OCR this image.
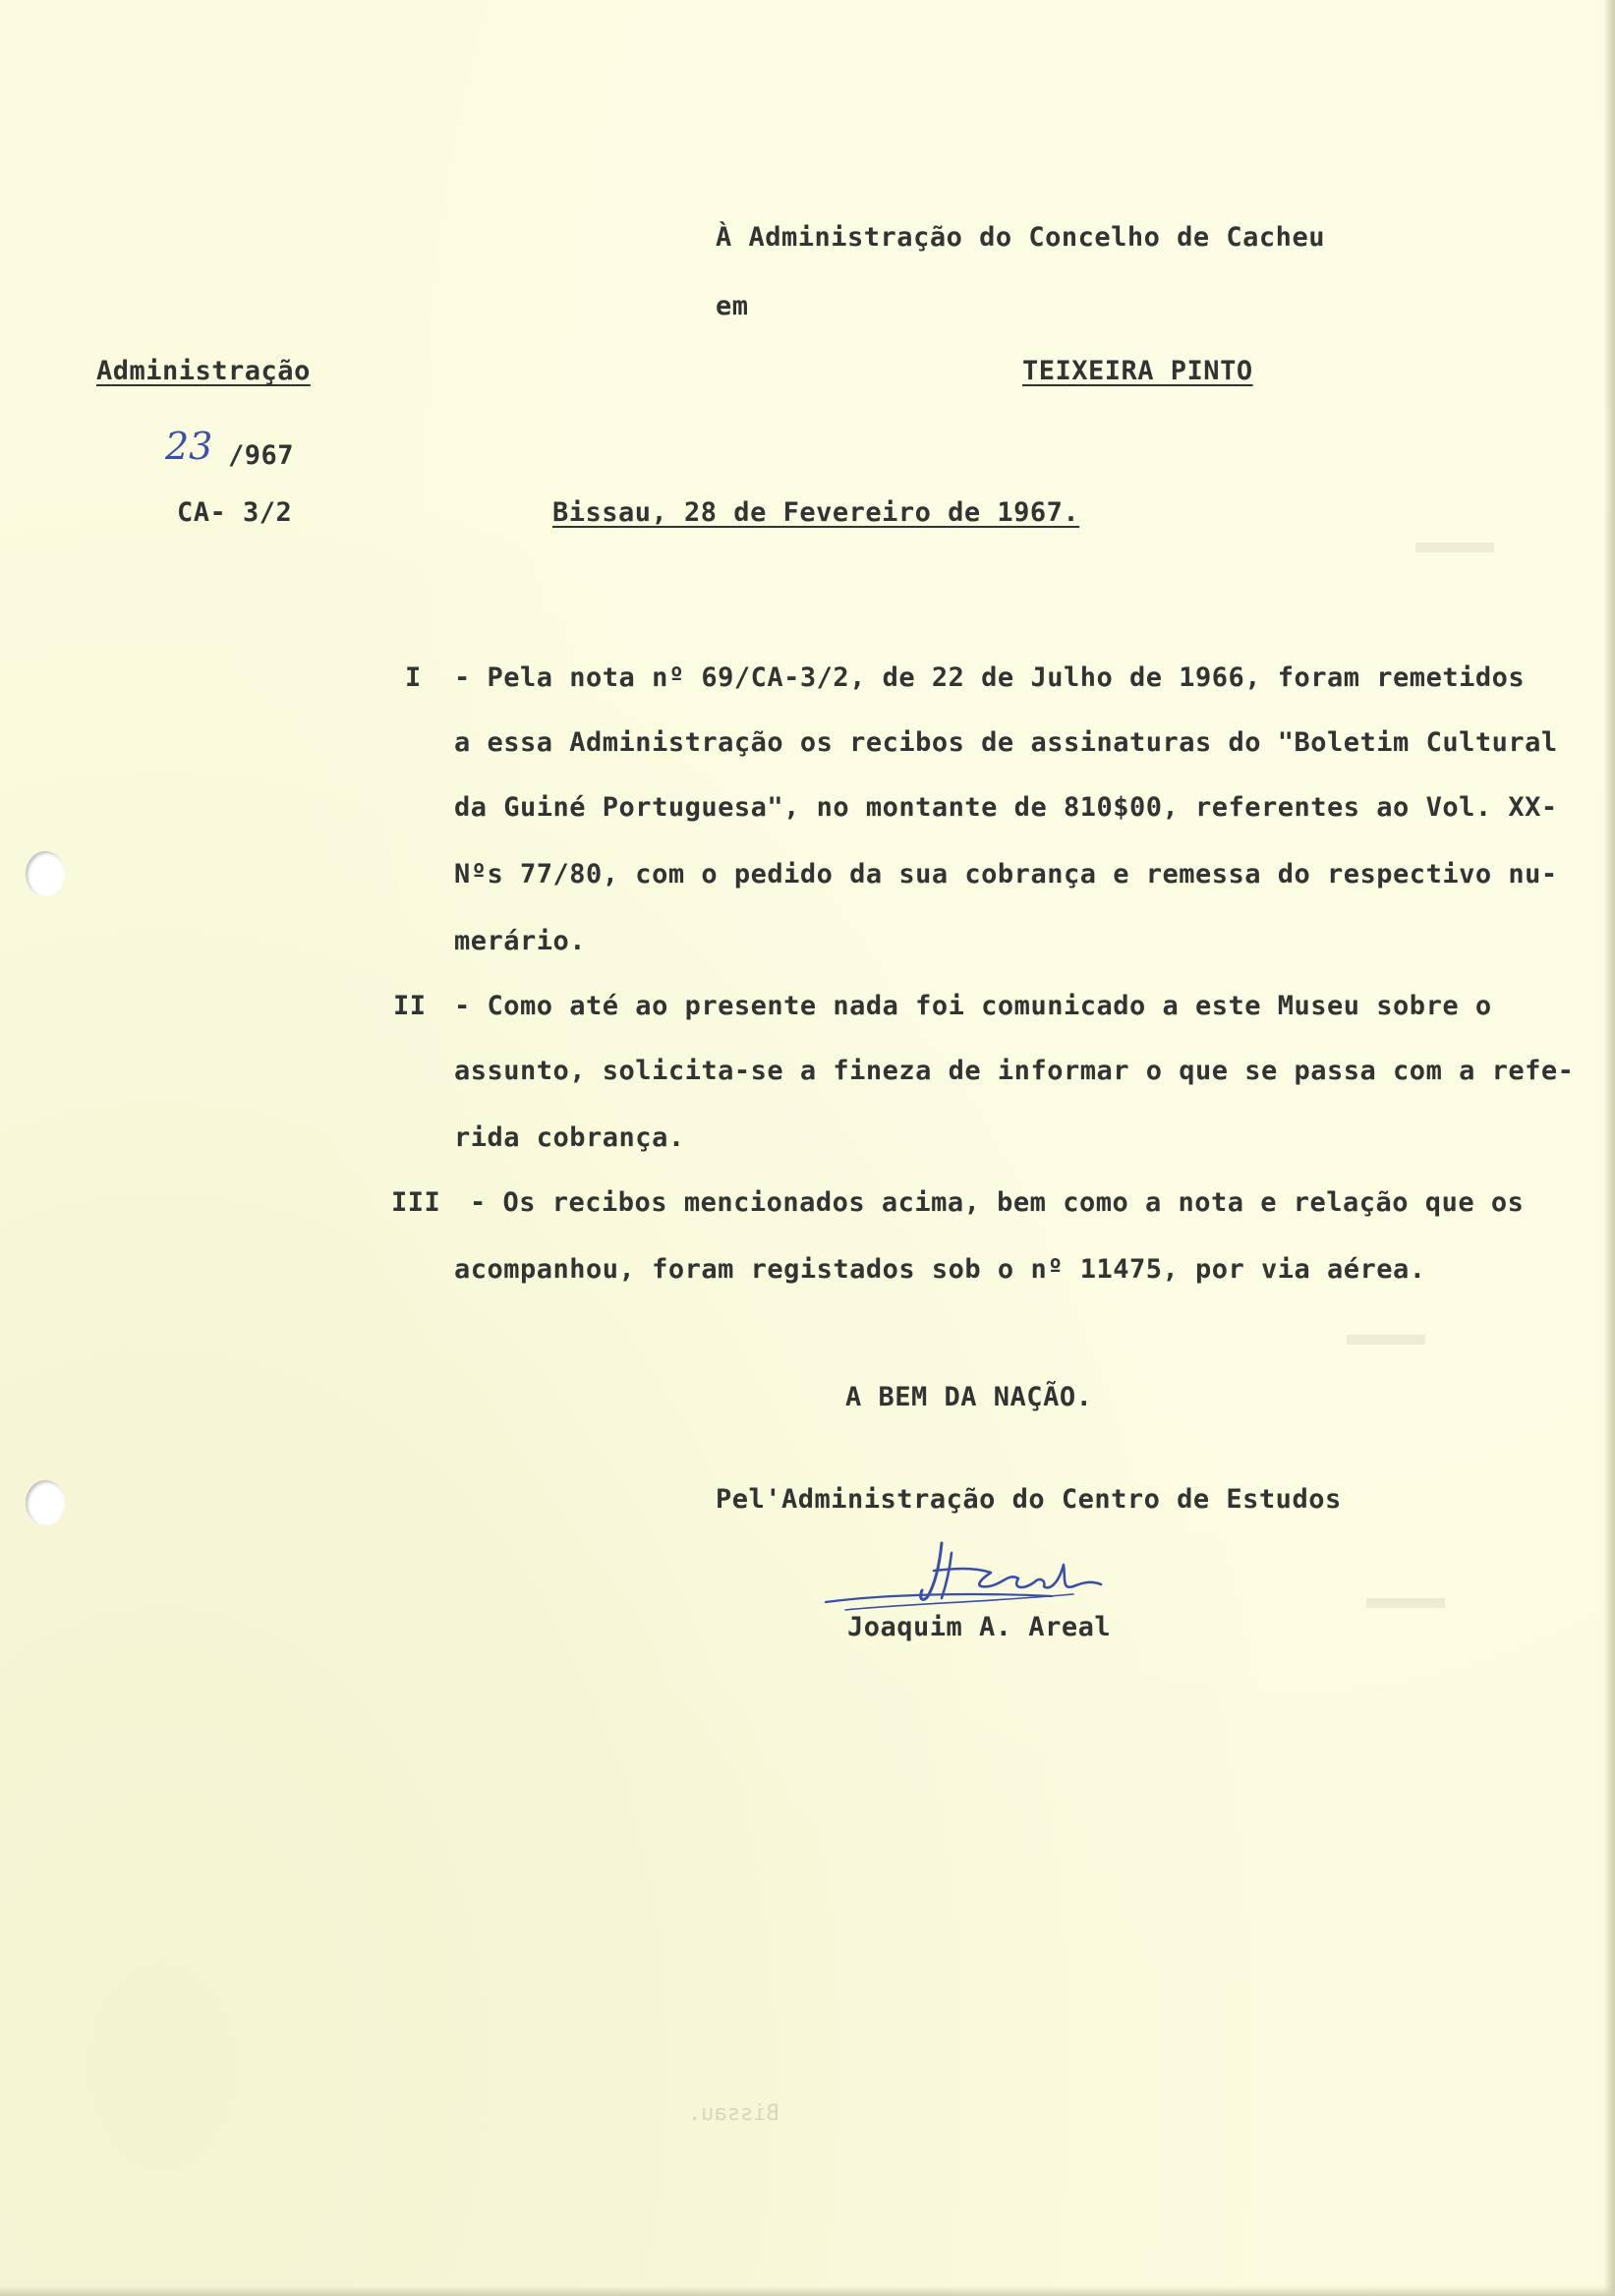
À Administração do Concelho de Cacheu
em
TEIXEIRA PINTO
Administração
23 /967
CA- 3/2	Bissau, 28 de Fevereiro de 1967.
I - Pela nota nº 69/CA-3/2, de 22 de Julho de 1966, foram remetidos
a essa Administração os recibos de assinaturas do "Boletim Cultural
da Guiné Portuguesa", no montante de 810$00, referentes ao Vol. XX-
Nºs 77/80, com o pedido da sua cobrança e remessa do respectivo nu-
merário.
II - Como até ao presente nada foi comunicado a este Museu sobre o
assunto, solicita-se a fineza de informar o que se passa com a refe-
rida cobrança.
III - Os recibos mencionados acima, bem como a nota e relação que os
acompanhou, foram registados sob o nº 11475, por via aérea.
A BEM DA NAÇÃO.
Pel'Administração do Centro de Estudos
Joaquim A. Areal
Bissau.
